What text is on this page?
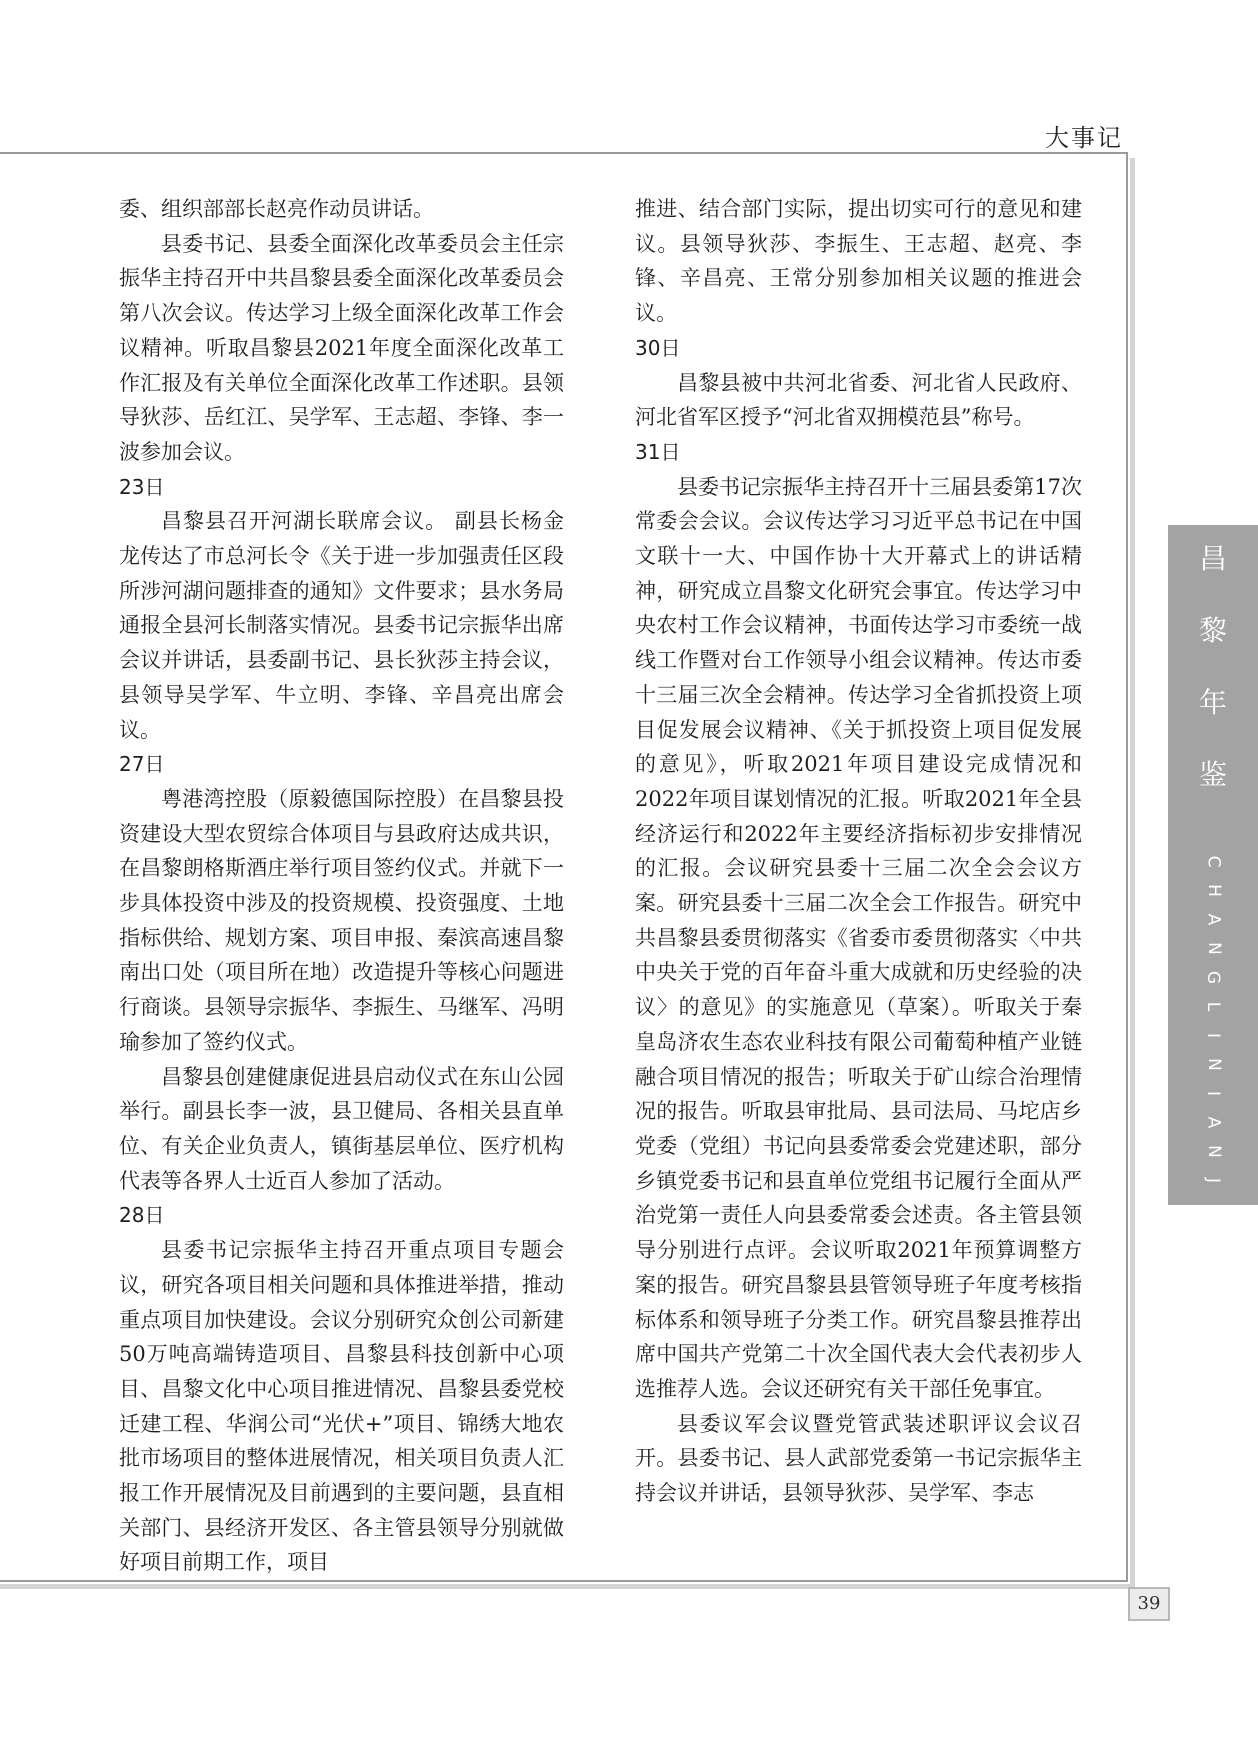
大事记

委、组织部部长赵亮作动员讲话。

县委书记、县委全面深化改革委员会主任宗振华主持召开中共昌黎县委全面深化改革委员会第八次会议。传达学习上级全面深化改革工作会议精神。听取昌黎县2021年度全面深化改革工作汇报及有关单位全面深化改革工作述职。县领导狄莎、岳红江、吴学军、王志超、李锋、李一波参加会议。

23日

昌黎县召开河湖长联席会议。 副县长杨金龙传达了市总河长令《关于进一步加强责任区段所涉河湖问题排查的通知》文件要求；县水务局通报全县河长制落实情况。县委书记宗振华出席会议并讲话，县委副书记、县长狄莎主持会议，县领导吴学军、牛立明、李锋、辛昌亮出席会议。

27日

粤港湾控股（原毅德国际控股）在昌黎县投资建设大型农贸综合体项目与县政府达成共识，在昌黎朗格斯酒庄举行项目签约仪式。并就下一步具体投资中涉及的投资规模、投资强度、土地指标供给、规划方案、项目申报、秦滨高速昌黎南出口处（项目所在地）改造提升等核心问题进行商谈。县领导宗振华、李振生、马继军、冯明瑜参加了签约仪式。

昌黎县创建健康促进县启动仪式在东山公园举行。副县长李一波，县卫健局、各相关县直单位、有关企业负责人，镇街基层单位、医疗机构代表等各界人士近百人参加了活动。

28日

县委书记宗振华主持召开重点项目专题会议，研究各项目相关问题和具体推进举措，推动重点项目加快建设。会议分别研究众创公司新建50万吨高端铸造项目、昌黎县科技创新中心项目、昌黎文化中心项目推进情况、昌黎县委党校迁建工程、华润公司“光伏+”项目、锦绣大地农批市场项目的整体进展情况，相关项目负责人汇报工作开展情况及目前遇到的主要问题，县直相关部门、县经济开发区、各主管县领导分别就做好项目前期工作，项目

推进、结合部门实际，提出切实可行的意见和建议。县领导狄莎、李振生、王志超、赵亮、李锋、辛昌亮、王常分别参加相关议题的推进会议。

30日

昌黎县被中共河北省委、河北省人民政府、河北省军区授予“河北省双拥模范县”称号。

31日

县委书记宗振华主持召开十三届县委第17次常委会会议。会议传达学习习近平总书记在中国文联十一大、中国作协十大开幕式上的讲话精神，研究成立昌黎文化研究会事宜。传达学习中央农村工作会议精神，书面传达学习市委统一战线工作暨对台工作领导小组会议精神。传达市委十三届三次全会精神。传达学习全省抓投资上项目促发展会议精神、《关于抓投资上项目促发展的意见》，听取2021年项目建设完成情况和2022年项目谋划情况的汇报。听取2021年全县经济运行和2022年主要经济指标初步安排情况的汇报。会议研究县委十三届二次全会会议方案。研究县委十三届二次全会工作报告。研究中共昌黎县委贯彻落实《省委市委贯彻落实〈中共中央关于党的百年奋斗重大成就和历史经验的决议〉的意见》的实施意见（草案）。听取关于秦皇岛济农生态农业科技有限公司葡萄种植产业链融合项目情况的报告；听取关于矿山综合治理情况的报告。听取县审批局、县司法局、马坨店乡党委（党组）书记向县委常委会党建述职，部分乡镇党委书记和县直单位党组书记履行全面从严治党第一责任人向县委常委会述责。各主管县领导分别进行点评。会议听取2021年预算调整方案的报告。研究昌黎县县管领导班子年度考核指标体系和领导班子分类工作。研究昌黎县推荐出席中国共产党第二十次全国代表大会代表初步人选推荐人选。会议还研究有关干部任免事宜。

县委议军会议暨党管武装述职评议会议召开。县委书记、县人武部党委第一书记宗振华主持会议并讲话，县领导狄莎、吴学军、李志

昌
黎
年
鉴
C
H
A
N
G
L
I
N
I
A
N
J
I
A
N
39
